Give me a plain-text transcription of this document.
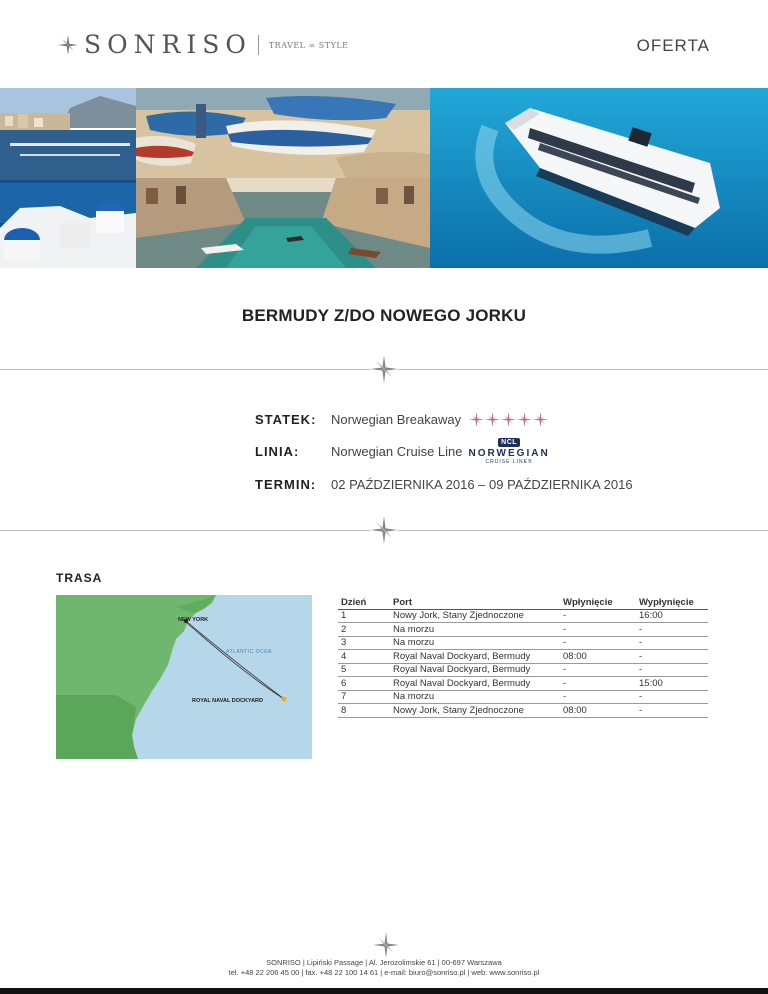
SONRISO TRAVEL ∞ STYLE	OFERTA
BERMUDY Z/DO NOWEGO JORKU
STATEK:	Norwegian Breakaway
LINIA:	Norwegian Cruise Line
NCL
NORWEGIAN
CRUISE LINE®
TERMIN:	02 PAŹDZIERNIKA 2016 – 09 PAŹDZIERNIKA 2016
TRASA
NEW YORK
ATLANTIC OCEA
ROYAL NAVAL DOCKYARD
Dzień	Port	Wpłynięcie	Wypłynięcie
1	Nowy Jork, Stany Zjednoczone	-	16:00
2	Na morzu	-	-
3	Na morzu	-	-
4	Royal Naval Dockyard, Bermudy	08:00	-
5	Royal Naval Dockyard, Bermudy	-	-
6	Royal Naval Dockyard, Bermudy	-	15:00
7	Na morzu	-	-
8	Nowy Jork, Stany Zjednoczone	08:00	-
SONRISO | Lipiński Passage | Al. Jerozolimskie 61 | 00-697 Warszawa
tel. +48 22 206 45 00 | fax. +48 22 100 14 61 | e-mail: biuro@sonriso.pl | web: www.sonriso.pl
